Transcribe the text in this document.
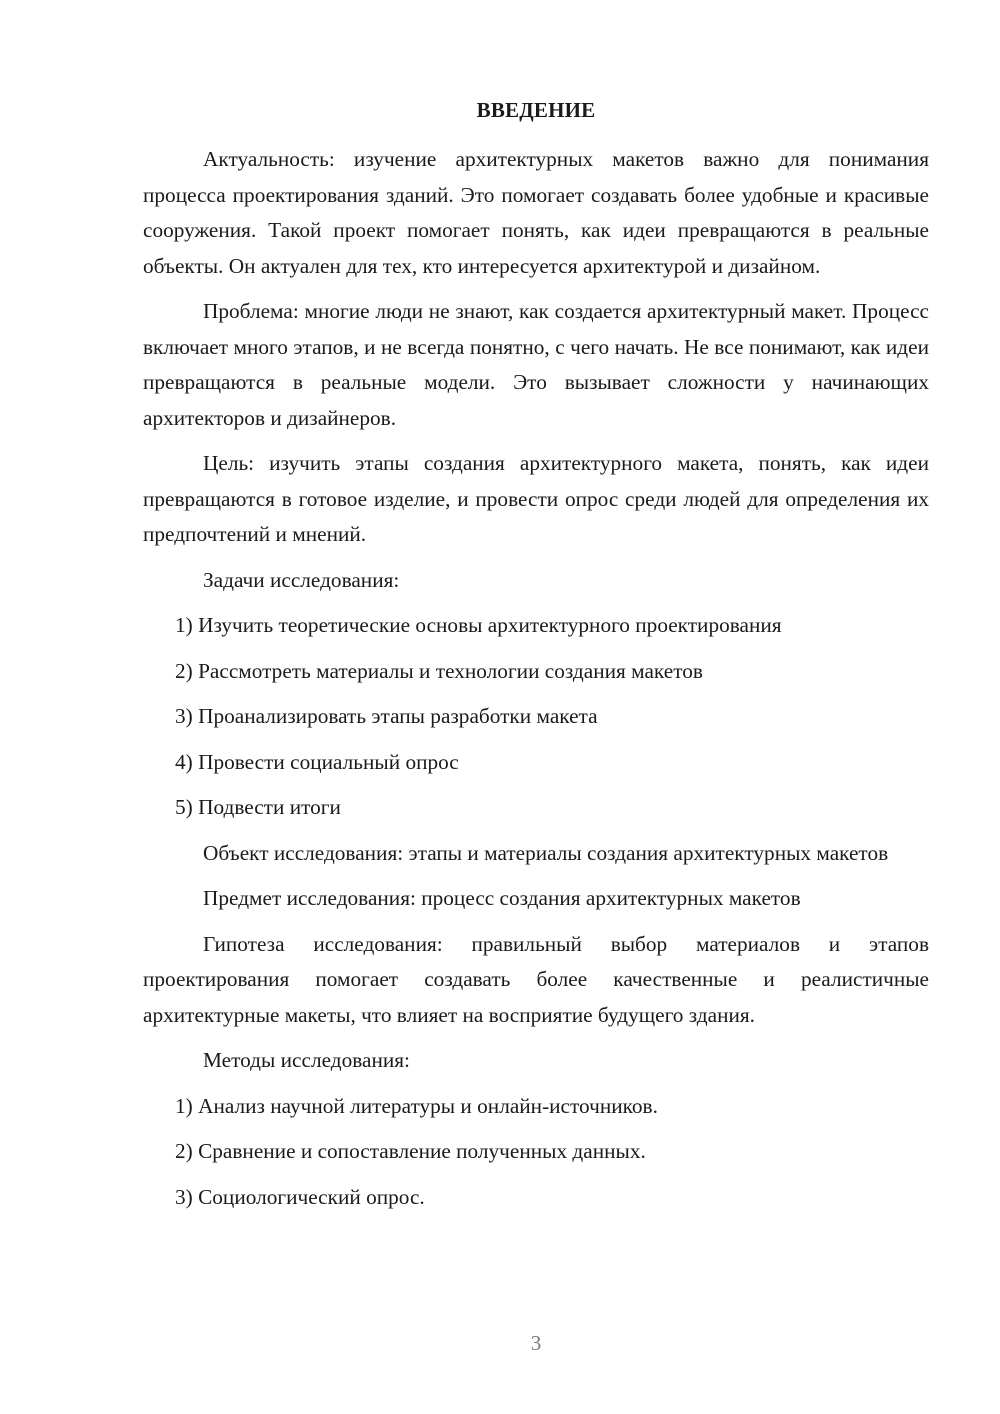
ВВЕДЕНИЕ

Актуальность: изучение архитектурных макетов важно для понимания процесса проектирования зданий. Это помогает создавать более удобные и красивые сооружения. Такой проект помогает понять, как идеи превращаются в реальные объекты. Он актуален для тех, кто интересуется архитектурой и дизайном.

Проблема: многие люди не знают, как создается архитектурный макет. Процесс включает много этапов, и не всегда понятно, с чего начать. Не все понимают, как идеи превращаются в реальные модели. Это вызывает сложности у начинающих архитекторов и дизайнеров.

Цель: изучить этапы создания архитектурного макета, понять, как идеи превращаются в готовое изделие, и провести опрос среди людей для определения их предпочтений и мнений.

Задачи исследования:
1) Изучить теоретические основы архитектурного проектирования
2) Рассмотреть материалы и технологии создания макетов
3) Проанализировать этапы разработки макета
4) Провести социальный опрос
5) Подвести итоги

Объект исследования: этапы и материалы создания архитектурных макетов

Предмет исследования: процесс создания архитектурных макетов

Гипотеза исследования: правильный выбор материалов и этапов проектирования помогает создавать более качественные и реалистичные архитектурные макеты, что влияет на восприятие будущего здания.

Методы исследования:
1) Анализ научной литературы и онлайн-источников.
2) Сравнение и сопоставление полученных данных.
3) Социологический опрос.
3
